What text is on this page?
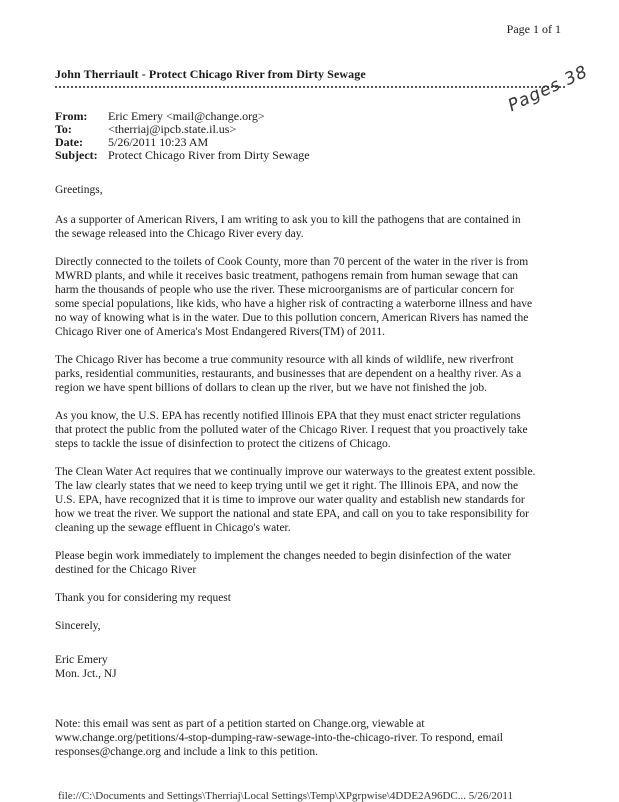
Page 1 of 1
John Therriault - Protect Chicago River from Dirty Sewage	Pages 38
From:	Eric Emery <mail@change.org>
To:	<therriaj@ipcb.state.il.us>
Date:	5/26/2011 10:23 AM
Subject: Protect Chicago River from Dirty Sewage

Greetings,

As a supporter of American Rivers, I am writing to ask you to kill the pathogens that are contained in
the sewage released into the Chicago River every day.

Directly connected to the toilets of Cook County, more than 70 percent of the water in the river is from
MWRD plants, and while it receives basic treatment, pathogens remain from human sewage that can
harm the thousands of people who use the river. These microorganisms are of particular concern for
some special populations, like kids, who have a higher risk of contracting a waterborne illness and have
no way of knowing what is in the water. Due to this pollution concern, American Rivers has named the
Chicago River one of America's Most Endangered Rivers(TM) of 2011.

The Chicago River has become a true community resource with all kinds of wildlife, new riverfront
parks, residential communities, restaurants, and businesses that are dependent on a healthy river. As a
region we have spent billions of dollars to clean up the river, but we have not finished the job.

As you know, the U.S. EPA has recently notified Illinois EPA that they must enact stricter regulations
that protect the public from the polluted water of the Chicago River. I request that you proactively take
steps to tackle the issue of disinfection to protect the citizens of Chicago.

The Clean Water Act requires that we continually improve our waterways to the greatest extent possible.
The law clearly states that we need to keep trying until we get it right. The Illinois EPA, and now the
U.S. EPA, have recognized that it is time to improve our water quality and establish new standards for
how we treat the river. We support the national and state EPA, and call on you to take responsibility for
cleaning up the sewage effluent in Chicago's water.

Please begin work immediately to implement the changes needed to begin disinfection of the water
destined for the Chicago River

Thank you for considering my request

Sincerely,

Eric Emery
Mon. Jct., NJ

Note: this email was sent as part of a petition started on Change.org, viewable at
www.change.org/petitions/4-stop-dumping-raw-sewage-into-the-chicago-river. To respond, email
responses@change.org and include a link to this petition.

file://C:\Documents and Settings\Therriaj\Local Settings\Temp\XPgrpwise\4DDE2A96DC... 5/26/2011
